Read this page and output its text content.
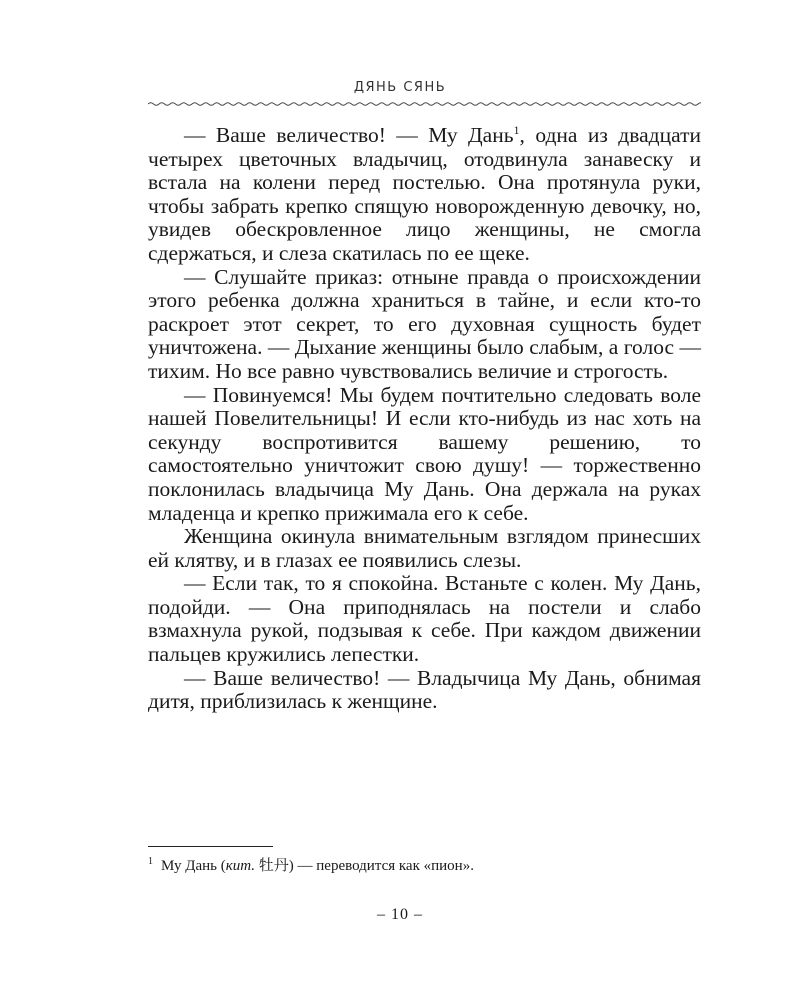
ДЯНЬ СЯНЬ

— Ваше величество! — Му Дань$^1$, одна из двадцати четырех цветочных владычиц, отодвинула занавеску и встала на колени перед постелью. Она протянула руки, чтобы забрать крепко спящую новорожденную девочку, но, увидев обескровленное лицо женщины, не смогла сдержаться, и слеза скатилась по ее щеке.

— Слушайте приказ: отныне правда о происхождении этого ребенка должна храниться в тайне, и если кто-то раскроет этот секрет, то его духовная сущность будет уничтожена. — Дыхание женщины было слабым, а голос — тихим. Но все равно чувствовались величие и строгость.

— Повинуемся! Мы будем почтительно следовать воле нашей Повелительницы! И если кто-нибудь из нас хоть на секунду воспротивится вашему решению, то самостоятельно уничтожит свою душу! — торжественно поклонилась владычица Му Дань. Она держала на руках младенца и крепко прижимала его к себе.

Женщина окинула внимательным взглядом принесших ей клятву, и в глазах ее появились слезы.

— Если так, то я спокойна. Встаньте с колен. Му Дань, подойди. — Она приподнялась на постели и слабо взмахнула рукой, подзывая к себе. При каждом движении пальцев кружились лепестки.

— Ваше величество! — Владычица Му Дань, обнимая дитя, приблизилась к женщине.

$^1$ Му Дань (кит. 牡丹) — переводится как «пион».
– 10 –
